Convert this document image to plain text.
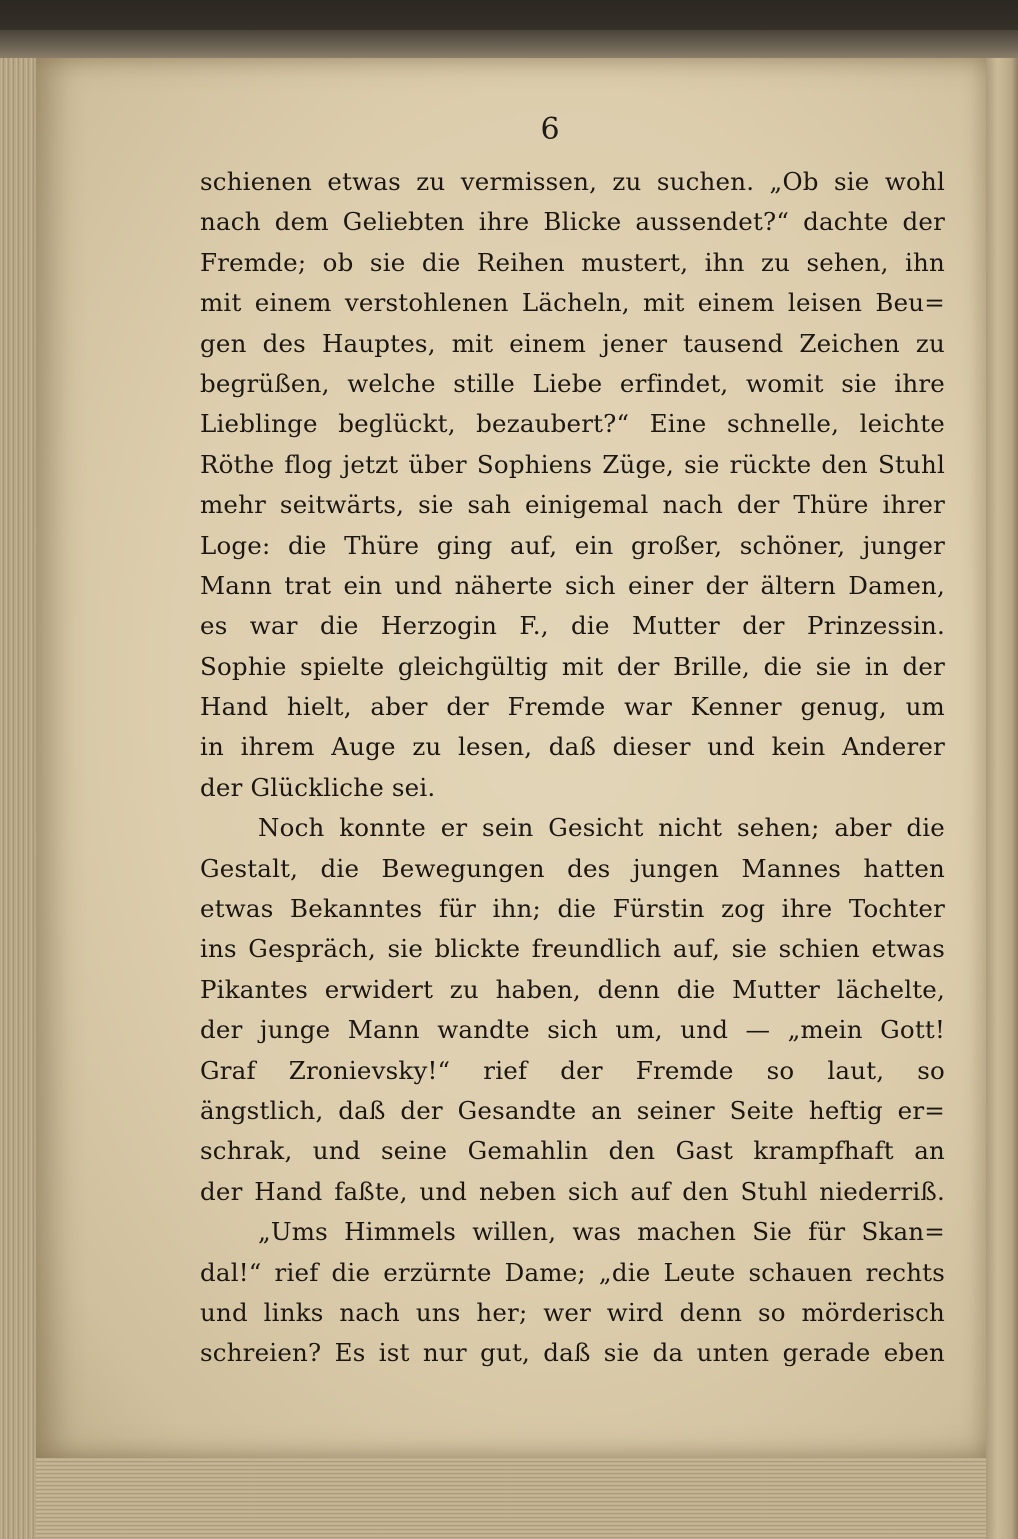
6
schienen etwas zu vermissen, zu suchen. „Ob sie wohl
nach dem Geliebten ihre Blicke aussendet?“ dachte der
Fremde; ob sie die Reihen mustert, ihn zu sehen, ihn
mit einem verstohlenen Lächeln, mit einem leisen Beu=
gen des Hauptes, mit einem jener tausend Zeichen zu
begrüßen, welche stille Liebe erfindet, womit sie ihre
Lieblinge beglückt, bezaubert?“ Eine schnelle, leichte
Röthe flog jetzt über Sophiens Züge, sie rückte den Stuhl
mehr seitwärts, sie sah einigemal nach der Thüre ihrer
Loge: die Thüre ging auf, ein großer, schöner, junger
Mann trat ein und näherte sich einer der ältern Damen,
es war die Herzogin F., die Mutter der Prinzessin.
Sophie spielte gleichgültig mit der Brille, die sie in der
Hand hielt, aber der Fremde war Kenner genug, um
in ihrem Auge zu lesen, daß dieser und kein Anderer
der Glückliche sei.
Noch konnte er sein Gesicht nicht sehen; aber die
Gestalt, die Bewegungen des jungen Mannes hatten
etwas Bekanntes für ihn; die Fürstin zog ihre Tochter
ins Gespräch, sie blickte freundlich auf, sie schien etwas
Pikantes erwidert zu haben, denn die Mutter lächelte,
der junge Mann wandte sich um, und — „mein Gott!
Graf Zronievsky!“ rief der Fremde so laut, so
ängstlich, daß der Gesandte an seiner Seite heftig er=
schrak, und seine Gemahlin den Gast krampfhaft an
der Hand faßte, und neben sich auf den Stuhl niederriß.
„Ums Himmels willen, was machen Sie für Skan=
dal!“ rief die erzürnte Dame; „die Leute schauen rechts
und links nach uns her; wer wird denn so mörderisch
schreien? Es ist nur gut, daß sie da unten gerade eben
